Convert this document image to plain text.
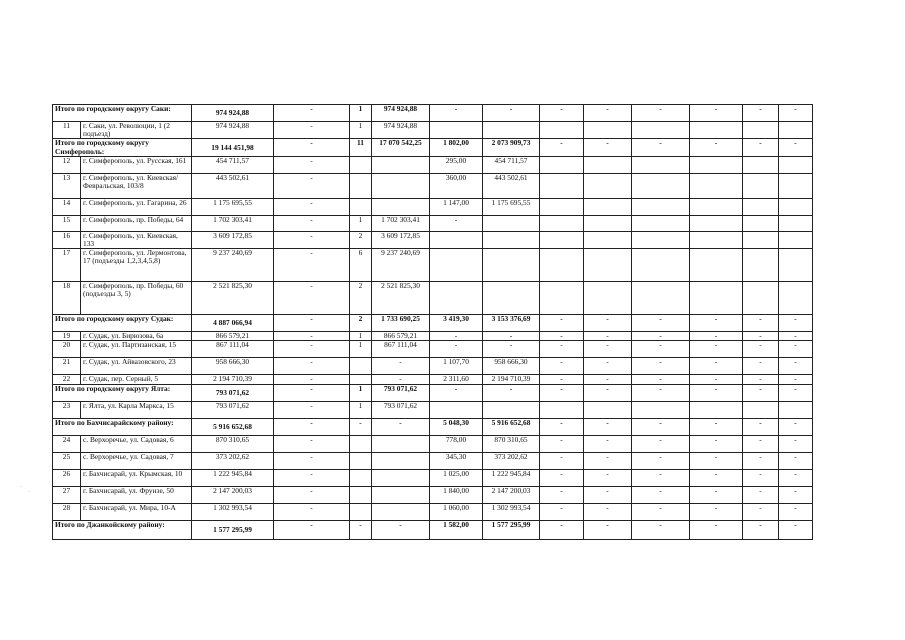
Итого по городскому округу Саки:		974 924,88	-	1	974 924,88	-	-	-	-	-	-	-	-
11	г. Саки, ул. Революции, 1 (2 подъезд)	974 924,88	-	1	974 924,88								
Итого по городскому округу Симферополь:		19 144 451,98	-	11	17 070 542,25	1 802,00	2 073 909,73	-	-	-	-	-	-
12	г. Симферополь, ул. Русская, 161	454 711,57	-			295,00	454 711,57						
13	г. Симферополь, ул. Киевская/ Февральская, 103/8	443 502,61	-			360,00	443 502,61						
14	г. Симферополь, ул. Гагарина, 26	1 175 695,55	-			1 147,00	1 175 695,55						
15	г. Симферополь, пр. Победы, 64	1 702 303,41	-	1	1 702 303,41	-							
16	г. Симферополь, ул. Киевская, 133	3 609 172,85	-	2	3 609 172,85								
17	г. Симферополь, ул. Лермонтова, 17 (подъезды 1,2,3,4,5,8)	9 237 240,69	-	6	9 237 240,69								
18	г. Симферополь, пр. Победы, 60 (подъезды 3, 5)	2 521 825,30	-	2	2 521 825,30								
Итого по городскому округу Судак:		4 887 066,94	-	2	1 733 690,25	3 419,30	3 153 376,69	-	-	-	-	-	-
19	г. Судак, ул. Бирюзова, 6а	866 579,21	-	1	866 579,21	-	-	-	-	-	-	-	-
20	г. Судак, ул. Партизанская, 15	867 111,04	-	1	867 111,04	-	-	-	-	-	-	-	-
21	г. Судак, ул. Айвазовского, 23	958 666,30	-		-	1 107,70	958 666,30	-	-	-	-	-	-
22	г. Судак, пер. Серный, 5	2 194 710,39	-		-	2 311,60	2 194 710,39	-	-	-	-	-	-
Итого по городскому округу Ялта:		793 071,62	-	1	793 071,62	-	-	-	-	-	-	-	-
23	г. Ялта, ул. Карла Маркса, 15	793 071,62	-	1	793 071,62								
Итого по Бахчисарайскому району:		5 916 652,68	-	-	-	5 048,30	5 916 652,68	-	-	-	-	-	-
24	с. Верхоречье, ул. Садовая, 6	870 310,65	-			778,00	870 310,65	-	-	-	-	-	-
25	с. Верхоречье, ул. Садовая, 7	373 202,62	-			345,30	373 202,62	-	-	-	-	-	-
26	г. Бахчисарай, ул. Крымская, 10	1 222 945,84	-			1 025,00	1 222 945,84	-	-	-	-	-	-
27	г. Бахчисарай, ул. Фрунзе, 50	2 147 200,03	-			1 840,00	2 147 200,03	-	-	-	-	-	-
28	г. Бахчисарай, ул. Мира, 10-А	1 302 993,54	-			1 060,00	1 302 993,54	-	-	-	-	-	-
Итого по Джанкойскому району:		1 577 295,99	-	-	-	1 582,00	1 577 295,99	-	-	-	-	-	-
·
·
